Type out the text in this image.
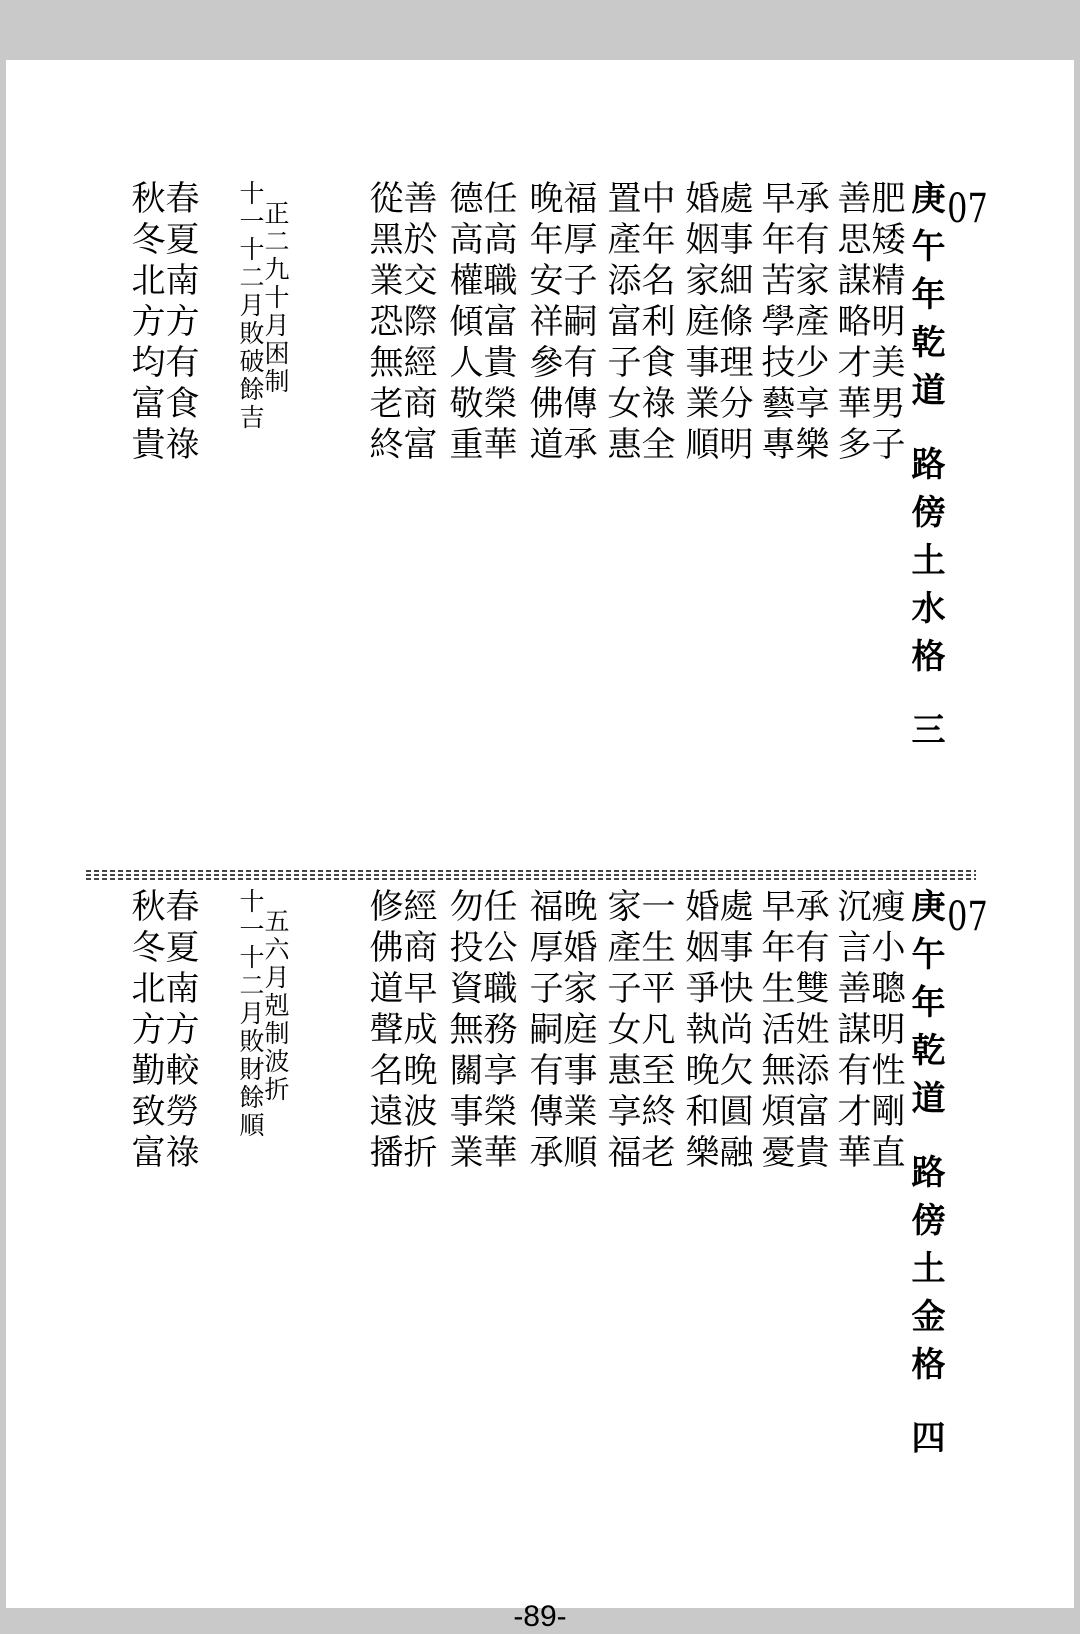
07
庚午年乾道 路傍土水格 三
肥矮精明美男子
善思謀略才華多
承有家產少享樂
早年苦學技藝專
處事細條理分明
婚姻家庭事業順
中年名利食祿全
置產添富子女惠
福厚子嗣有傳承
晚年安祥參佛道
任高職富貴榮華
德高權傾人敬重
善於交際經商富
從黑業恐無老終
正二九十月困制
十一十二月敗破餘吉
春夏南方有食祿
秋冬北方均富貴
07
庚午年乾道 路傍土金格 四
瘦小聰明性剛直
沉言善謀有才華
承有雙姓添富貴
早年生活無煩憂
處事快尚欠圓融
婚姻爭執晚和樂
一生平凡至終老
家產子女惠享福
晚婚家庭事業順
福厚子嗣有傳承
任公職務享榮華
勿投資無關事業
經商早成晚波折
修佛道聲名遠播
五六月剋制波折
十一十二月敗財餘順
春夏南方較勞祿
秋冬北方勤致富
-89-
